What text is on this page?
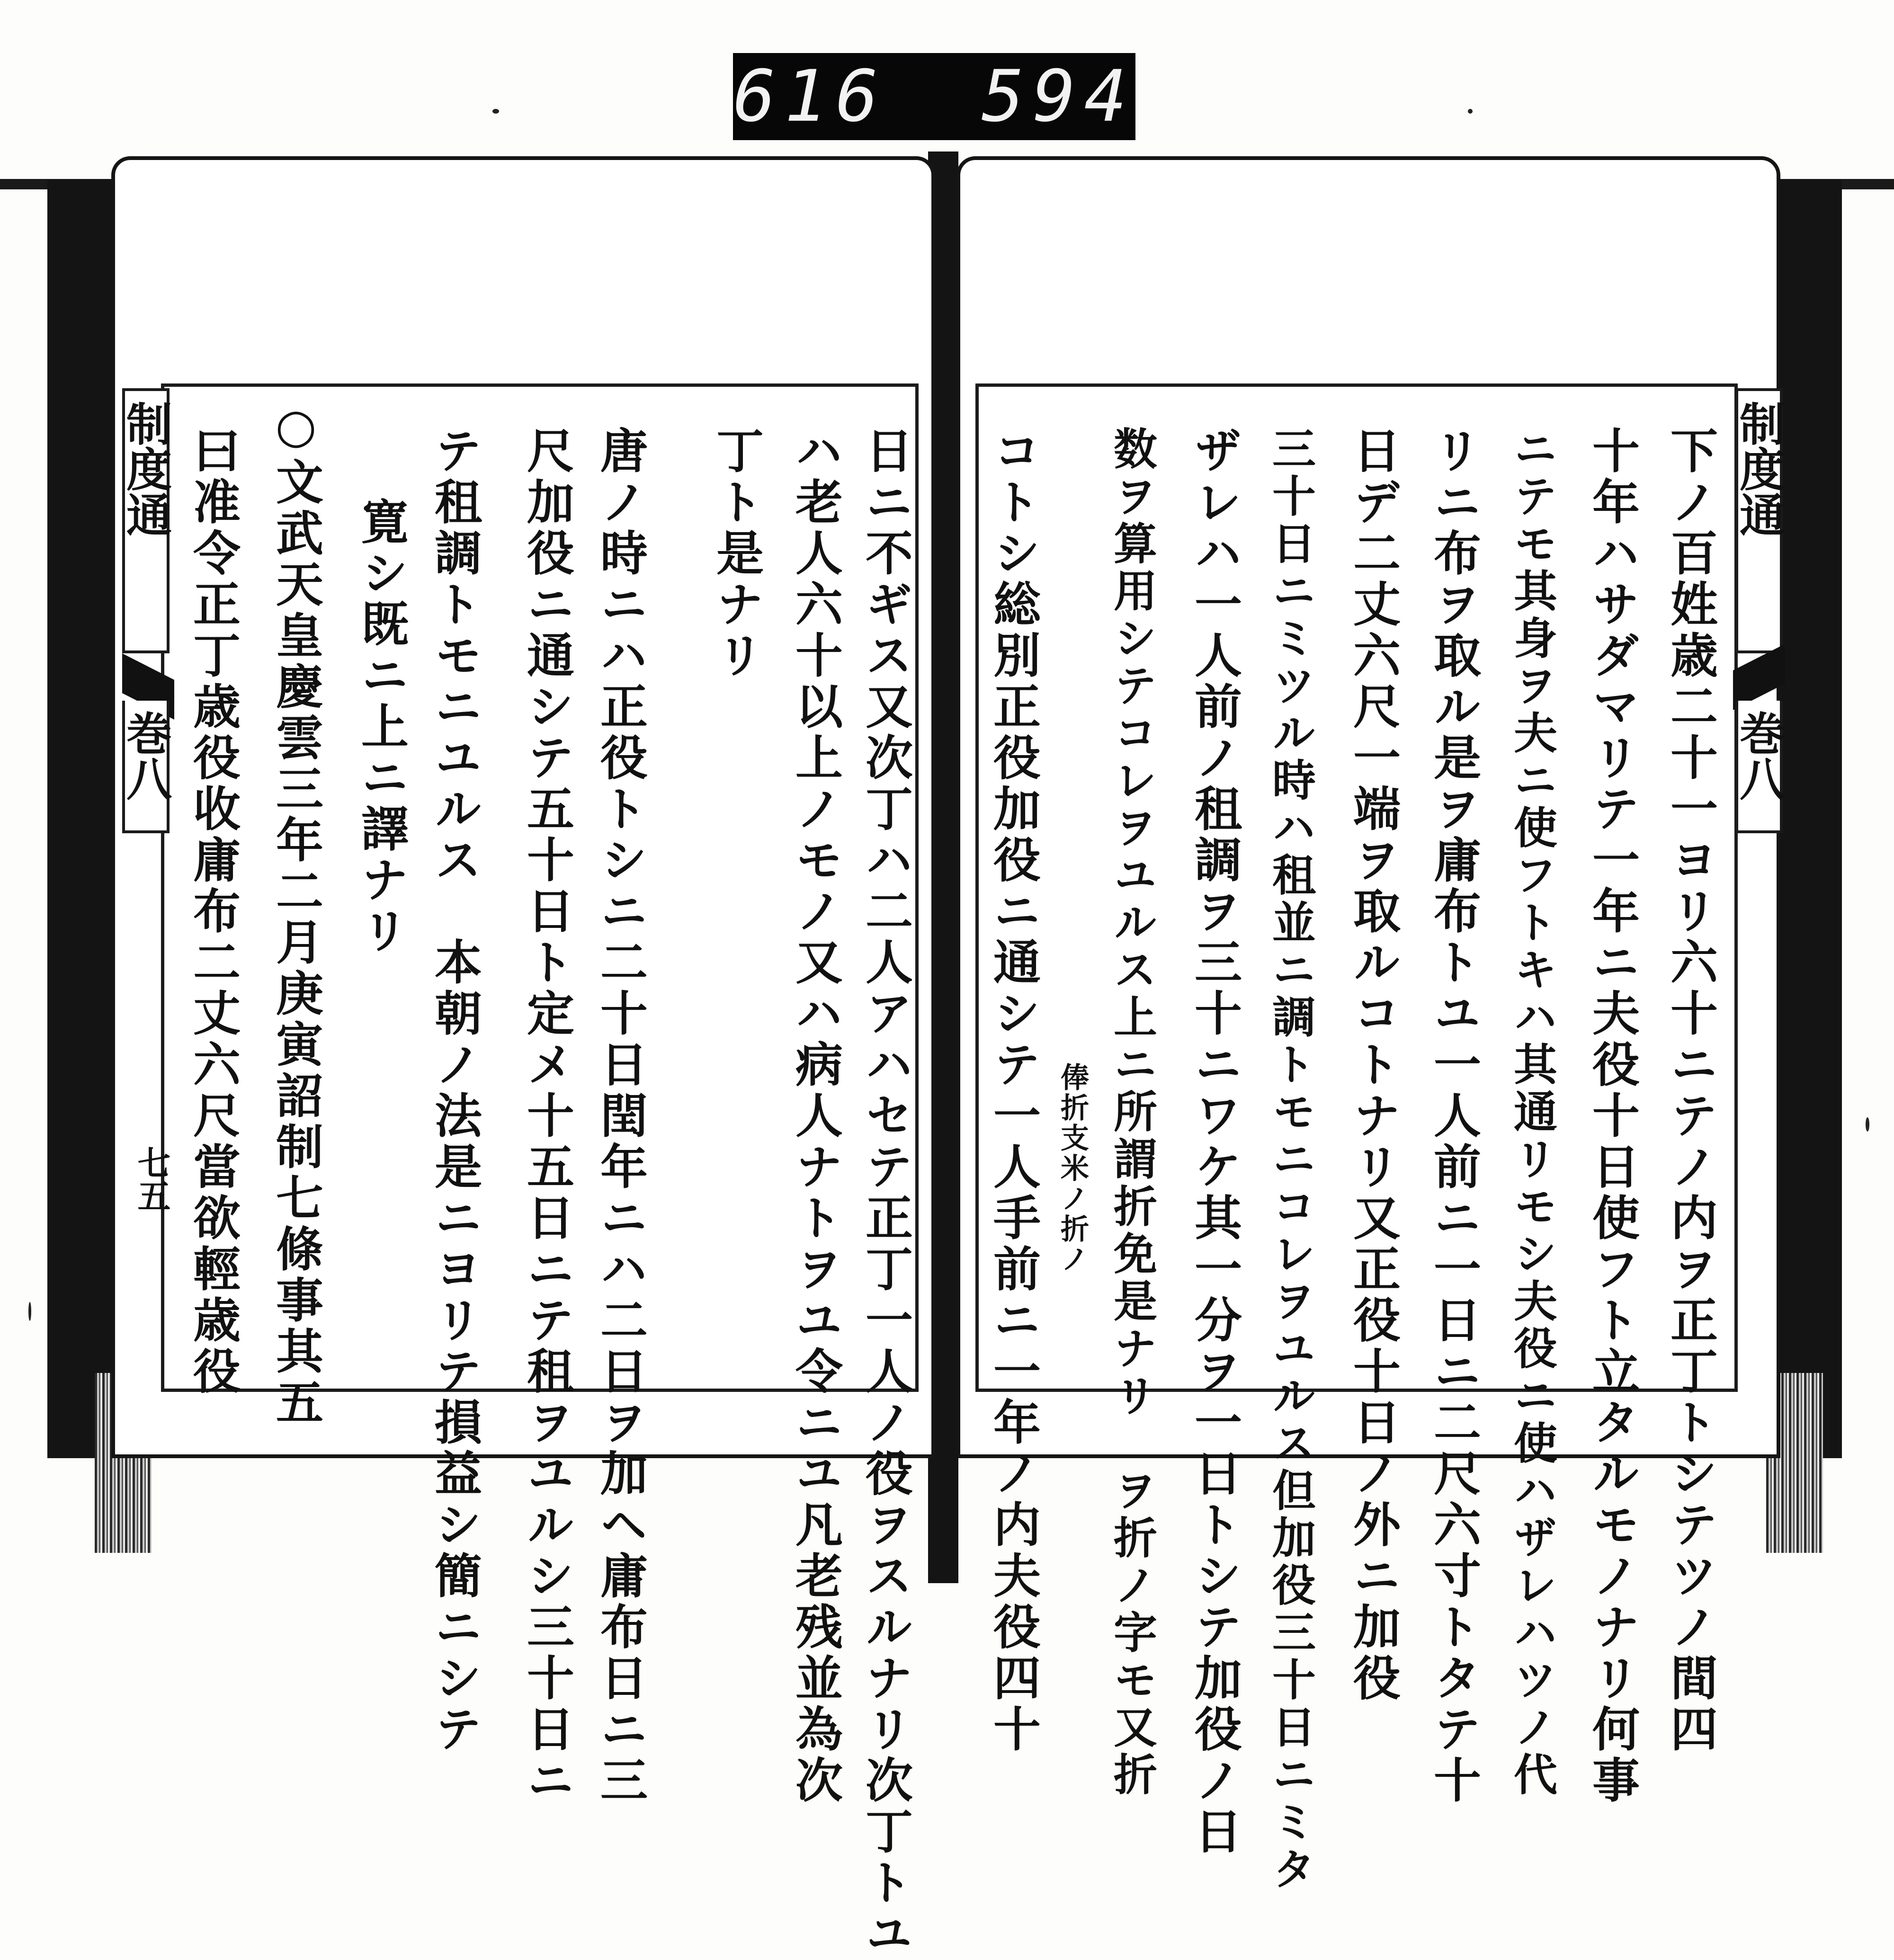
616 594
制度通
巻八
七五
制度通
巻八
日ニ不ギス又次丁ハ二人アハセテ正丁一人ノ役ヲスルナリ次丁トユ
ハ老人六十以上ノモノ又ハ病人ナトヲユ令ニユ凡老残並為次
丁ト是ナリ
唐ノ時ニハ正役トシニ二十日閏年ニハ二日ヲ加ヘ庸布日ニ三
尺加役ニ通シテ五十日ト定メ十五日ニテ租ヲユルシ三十日ニ
テ租調トモニユルス　本朝ノ法是ニヨリテ損益シ簡ニシテ
寛シ既ニ上ニ譯ナリ
○文武天皇慶雲三年二月庚寅詔制七條事其五
曰准令正丁歳役收庸布二丈六尺當欲輕歳役	下ノ百姓歳二十一ヨリ六十ニテノ内ヲ正丁トシテツノ間四
十年ハサダマリテ一年ニ夫役十日使フト立タルモノナリ何事
ニテモ其身ヲ夫ニ使フトキハ其通リモシ夫役ニ使ハザレハツノ代
リニ布ヲ取ル是ヲ庸布トユ一人前ニ一日ニ二尺六寸トタテ十
日デ二丈六尺一端ヲ取ルコトナリ又正役十日ノ外ニ加役
三十日ニミツル時ハ租並ニ調トモニコレヲユルス但加役三十日ニミタ
ザレハ一人前ノ租調ヲ三十ニワケ其一分ヲ一日トシテ加役ノ日
数ヲ算用シテコレヲユルス上ニ所謂折免是ナリ　ヲ折ノ字モ又折
　　　　　　　　　　　　　　　　　　　　　俸折支米ノ折ノ
コトシ総別正役加役ニ通シテ一人手前ニ一年ノ内夫役四十
